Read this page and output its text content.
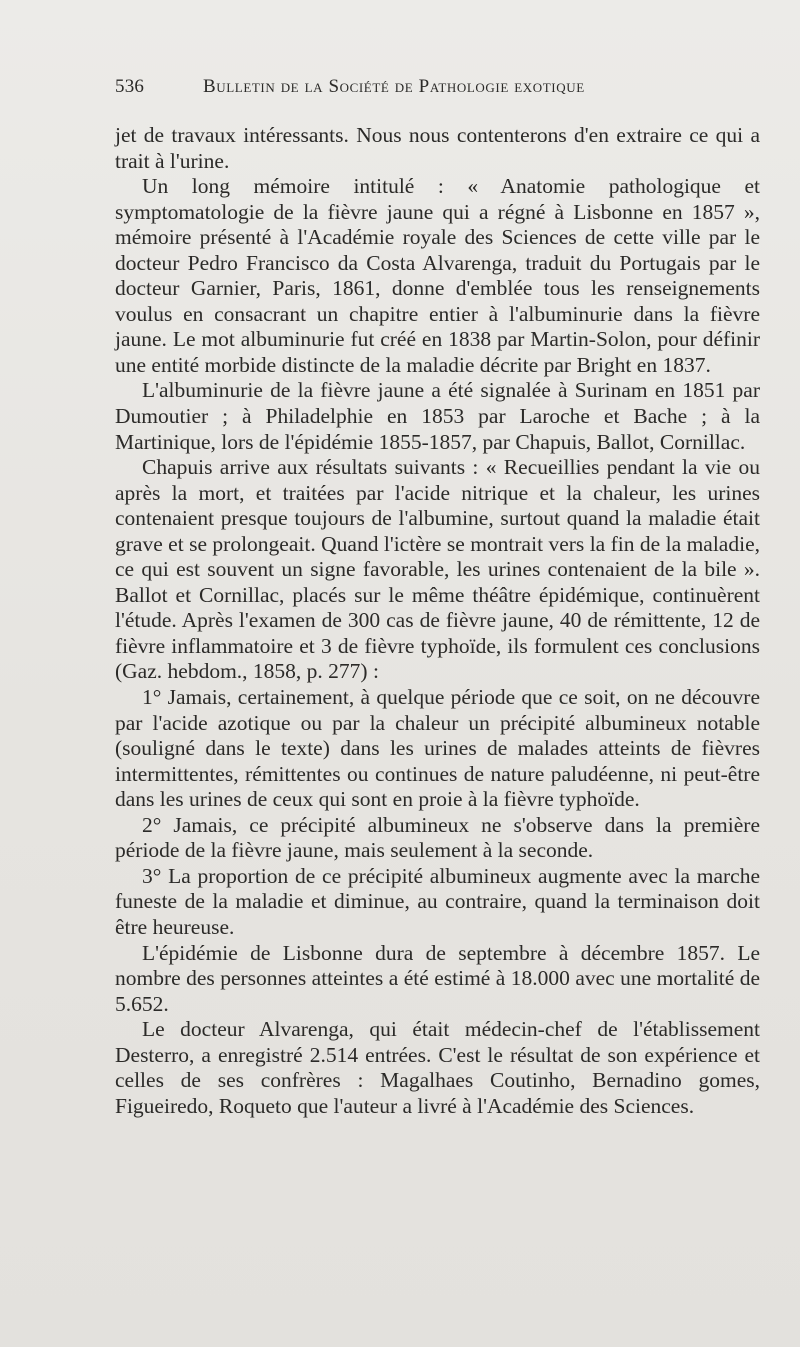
536	Bulletin de la Société de Pathologie exotique

jet de travaux intéressants. Nous nous contenterons d'en extraire ce qui a trait à l'urine.

Un long mémoire intitulé : « Anatomie pathologique et symptomatologie de la fièvre jaune qui a régné à Lisbonne en 1857 », mémoire présenté à l'Académie royale des Sciences de cette ville par le docteur Pedro Francisco da Costa Alvarenga, traduit du Portugais par le docteur Garnier, Paris, 1861, donne d'emblée tous les renseignements voulus en consacrant un chapitre entier à l'albuminurie dans la fièvre jaune. Le mot albuminurie fut créé en 1838 par Martin-Solon, pour définir une entité morbide distincte de la maladie décrite par Bright en 1837.

L'albuminurie de la fièvre jaune a été signalée à Surinam en 1851 par Dumoutier ; à Philadelphie en 1853 par Laroche et Bache ; à la Martinique, lors de l'épidémie 1855-1857, par Chapuis, Ballot, Cornillac.

Chapuis arrive aux résultats suivants : « Recueillies pendant la vie ou après la mort, et traitées par l'acide nitrique et la chaleur, les urines contenaient presque toujours de l'albumine, surtout quand la maladie était grave et se prolongeait. Quand l'ictère se montrait vers la fin de la maladie, ce qui est souvent un signe favorable, les urines contenaient de la bile ». Ballot et Cornillac, placés sur le même théâtre épidémique, continuèrent l'étude. Après l'examen de 300 cas de fièvre jaune, 40 de rémittente, 12 de fièvre inflammatoire et 3 de fièvre typhoïde, ils formulent ces conclusions (Gaz. hebdom., 1858, p. 277) :

1° Jamais, certainement, à quelque période que ce soit, on ne découvre par l'acide azotique ou par la chaleur un précipité albumineux notable (souligné dans le texte) dans les urines de malades atteints de fièvres intermittentes, rémittentes ou continues de nature paludéenne, ni peut-être dans les urines de ceux qui sont en proie à la fièvre typhoïde.

2° Jamais, ce précipité albumineux ne s'observe dans la première période de la fièvre jaune, mais seulement à la seconde.

3° La proportion de ce précipité albumineux augmente avec la marche funeste de la maladie et diminue, au contraire, quand la terminaison doit être heureuse.

L'épidémie de Lisbonne dura de septembre à décembre 1857. Le nombre des personnes atteintes a été estimé à 18.000 avec une mortalité de 5.652.

Le docteur Alvarenga, qui était médecin-chef de l'établissement Desterro, a enregistré 2.514 entrées. C'est le résultat de son expérience et celles de ses confrères : Magalhaes Coutinho, Bernadino gomes, Figueiredo, Roqueto que l'auteur a livré à l'Académie des Sciences.
